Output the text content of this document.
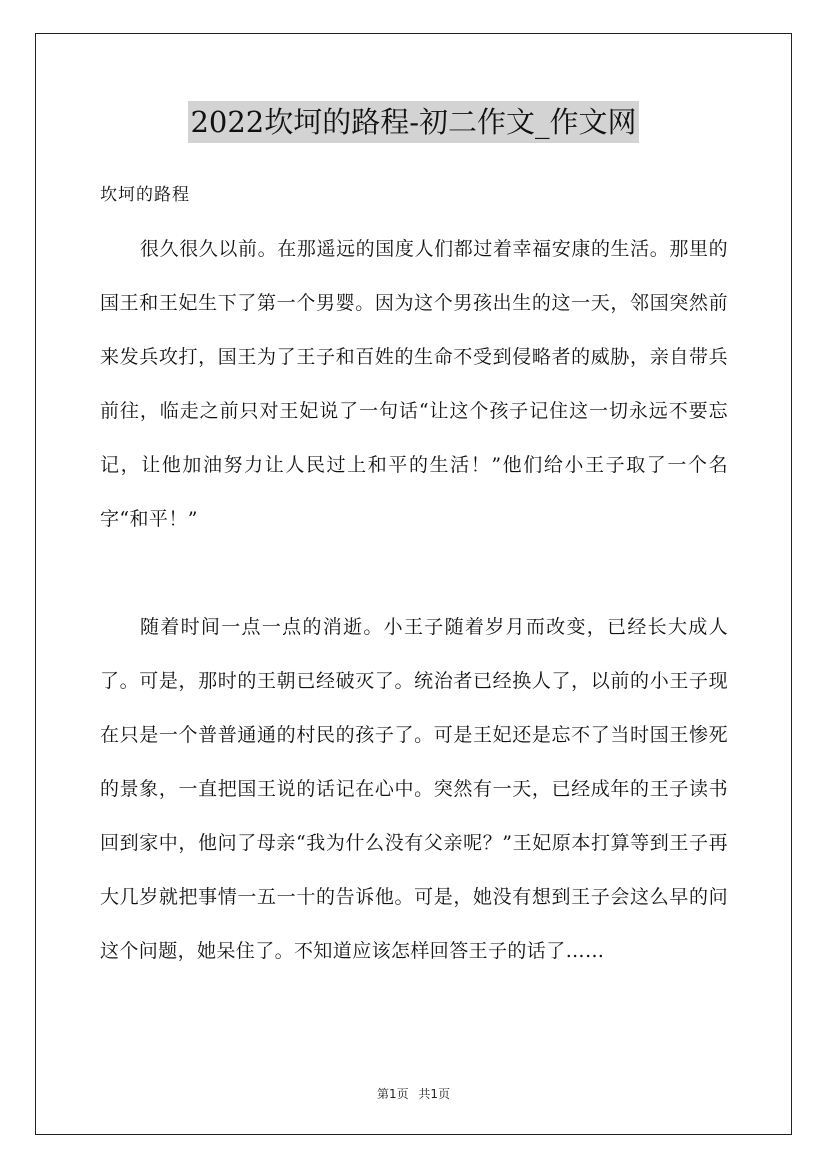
2022坎坷的路程-初二作文_作文网
坎坷的路程

很久很久以前。在那遥远的国度人们都过着幸福安康的生活。那里的国王和王妃生下了第一个男婴。因为这个男孩出生的这一天，邻国突然前来发兵攻打，国王为了王子和百姓的生命不受到侵略者的威胁，亲自带兵前往，临走之前只对王妃说了一句话“让这个孩子记住这一切永远不要忘记，让他加油努力让人民过上和平的生活！”他们给小王子取了一个名字“和平！”

随着时间一点一点的消逝。小王子随着岁月而改变，已经长大成人了。可是，那时的王朝已经破灭了。统治者已经换人了，以前的小王子现在只是一个普普通通的村民的孩子了。可是王妃还是忘不了当时国王惨死的景象，一直把国王说的话记在心中。突然有一天，已经成年的王子读书回到家中，他问了母亲“我为什么没有父亲呢？”王妃原本打算等到王子再大几岁就把事情一五一十的告诉他。可是，她没有想到王子会这么早的问这个问题，她呆住了。不知道应该怎样回答王子的话了……

第1页 共1页
